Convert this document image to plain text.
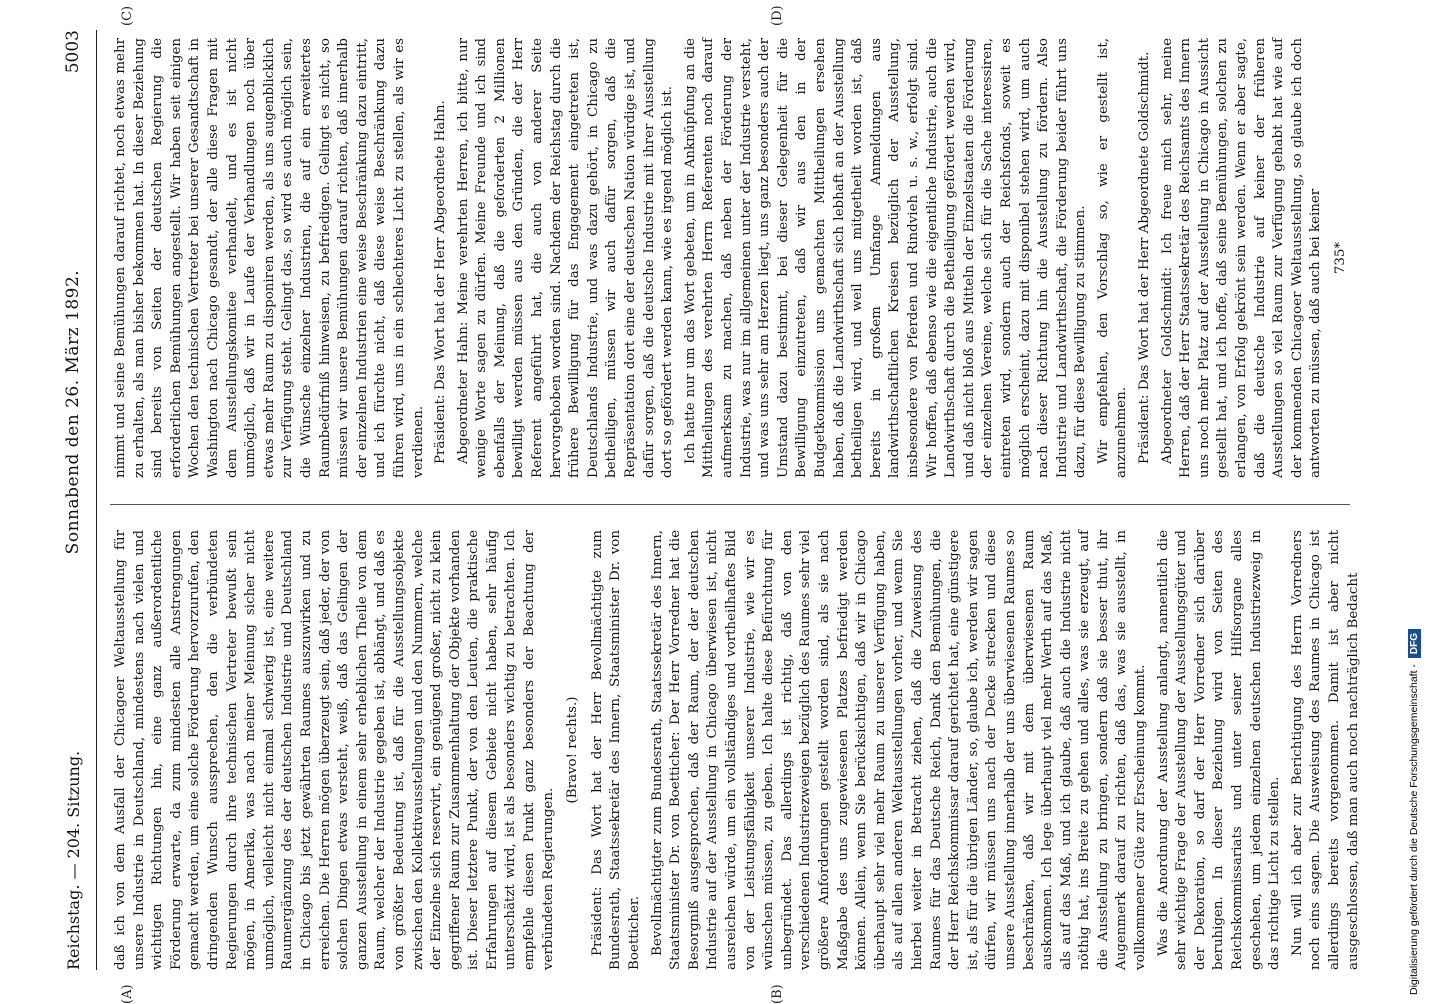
Reichstag. — 204. Sitzung.
Sonnabend den 26. März 1892.
5003
(A)	(B)
(C)	(D)

daß ich von dem Ausfall der Chicagoer Weltausstellung für unsere Industrie in Deutschland, mindestens nach vielen und wichtigen Richtungen hin, eine ganz außerordentliche Förderung erwarte, da zum mindesten alle Anstrengungen gemacht werden, um eine solche Förderung hervorzurufen, den dringenden Wunsch aussprechen, den die verbündeten Regierungen durch ihre technischen Vertreter bewußt sein mögen, in Amerika, was nach meiner Meinung sicher nicht unmöglich, vielleicht nicht einmal schwierig ist, eine weitere Raumergänzung des der deutschen Industrie und Deutschland in Chicago bis jetzt gewährten Raumes auszuwirken und zu erreichen. Die Herren mögen überzeugt sein, daß jeder, der von solchen Dingen etwas versteht, weiß, daß das Gelingen der ganzen Ausstellung in einem sehr erheblichen Theile von dem Raum, welcher der Industrie gegeben ist, abhängt, und daß es von größter Bedeutung ist, daß für die Ausstellungsobjekte zwischen den Kollektivausstellungen und den Nummern, welche der Einzelne sich reservirt, ein genügend großer, nicht zu klein gegriffener Raum zur Zusammenhaltung der Objekte vorhanden ist. Dieser letztere Punkt, der von den Leuten, die praktische Erfahrungen auf diesem Gebiete nicht haben, sehr häufig unterschätzt wird, ist als besonders wichtig zu betrachten. Ich empfehle diesen Punkt ganz besonders der Beachtung der verbündeten Regierungen.

(Bravo! rechts.) Präsident: Das Wort hat der Herr Bevollmächtigte zum Bundesrath, Staatssekretär des Innern, Staatsminister Dr. von Boetticher. Bevollmächtigter zum Bundesrath, Staatssekretär des Innern, Staatsminister Dr. von Boetticher: Der Herr Vorredner hat die Besorgniß ausgesprochen, daß der Raum, der der deutschen Industrie auf der Ausstellung in Chicago überwiesen ist, nicht ausreichen würde, um ein vollständiges und vortheilhaftes Bild von der Leistungsfähigkeit unserer Industrie, wie wir es wünschen müssen, zu geben. Ich halte diese Befürchtung für unbegründet. Das allerdings ist richtig, daß von den verschiedenen Industriezweigen bezüglich des Raumes sehr viel größere Anforderungen gestellt worden sind, als sie nach Maßgabe des uns zugewiesenen Platzes befriedigt werden können. Allein, wenn Sie berücksichtigen, daß wir in Chicago überhaupt sehr viel mehr Raum zu unserer Verfügung haben, als auf allen anderen Weltausstellungen vorher, und wenn Sie hierbei weiter in Betracht ziehen, daß die Zuweisung des Raumes für das Deutsche Reich, Dank den Bemühungen, die der Herr Reichskommissar darauf gerichtet hat, eine günstigere ist, als für die übrigen Länder, so, glaube ich, werden wir sagen dürfen, wir müssen uns nach der Decke strecken und diese unsere Ausstellung innerhalb der uns überwiesenen Raumes so beschränken, daß wir mit dem überwiesenen Raum auskommen. Ich lege überhaupt viel mehr Werth auf das Maß, als auf das Maß, und ich glaube, daß auch die Industrie nicht nöthig hat, ins Breite zu gehen und alles, was sie erzeugt, auf die Ausstellung zu bringen, sondern daß sie besser thut, ihr Augenmerk darauf zu richten, daß das, was sie ausstellt, in vollkommener Güte zur Erscheinung kommt. Was die Anordnung der Ausstellung anlangt, namentlich die sehr wichtige Frage der Ausstellung der Ausstellungsgüter und der Dekoration, so darf der Herr Vorredner sich darüber beruhigen. In dieser Beziehung wird von Seiten des Reichskommissariats und unter seiner Hilfsorgane alles geschehen, um jedem einzelnen deutschen Industriezweig in das richtige Licht zu stellen. Nun will ich aber zur Berichtigung des Herrn Vorredners noch eins sagen. Die Ausweisung des Raumes in Chicago ist allerdings bereits vorgenommen. Damit ist aber nicht ausgeschlossen, daß man auch noch nachträglich Bedacht

nimmt und seine Bemühungen darauf richtet, noch etwas mehr zu erhalten, als man bisher bekommen hat. In dieser Beziehung sind bereits von Seiten der deutschen Regierung die erforderlichen Bemühungen angestellt. Wir haben seit einigen Wochen den technischen Vertreter bei unserer Gesandtschaft in Washington nach Chicago gesandt, der alle diese Fragen mit dem Ausstellungskomitee verhandelt, und es ist nicht unmöglich, daß wir in Laufe der Verhandlungen noch über etwas mehr Raum zu disponiren werden, als uns augenblicklich zur Verfügung steht. Gelingt das, so wird es auch möglich sein, die Wünsche einzelner Industrien, die auf ein erweitertes Raumbedürfniß hinweisen, zu befriedigen. Gelingt es nicht, so müssen wir unsere Bemühungen darauf richten, daß innerhalb der einzelnen Industrien eine weise Beschränkung dazu eintritt, und ich fürchte nicht, daß diese weise Beschränkung dazu führen wird, uns in ein schlechteres Licht zu stellen, als wir es verdienen. Präsident: Das Wort hat der Herr Abgeordnete Hahn. Abgeordneter Hahn: Meine verehrten Herren, ich bitte, nur wenige Worte sagen zu dürfen. Meine Freunde und ich sind ebenfalls der Meinung, daß die geforderten 2 Millionen bewilligt werden müssen aus den Gründen, die der Herr Referent angeführt hat, die auch von anderer Seite hervorgehoben worden sind. Nachdem der Reichstag durch die frühere Bewilligung für das Engagement eingetreten ist, Deutschlands Industrie, und was dazu gehört, in Chicago zu betheiligen, müssen wir auch dafür sorgen, daß die Repräsentation dort eine der deutschen Nation würdige ist, und dafür sorgen, daß die deutsche Industrie mit ihrer Ausstellung dort so gefördert werden kann, wie es irgend möglich ist. Ich hatte nur um das Wort gebeten, um in Anknüpfung an die Mittheilungen des verehrten Herrn Referenten noch darauf aufmerksam zu machen, daß neben der Förderung der Industrie, was nur im allgemeinen unter der Industrie versteht, und was uns sehr am Herzen liegt, uns ganz besonders auch der Umstand dazu bestimmt, bei dieser Gelegenheit für die Bewilligung einzutreten, daß wir aus den in der Budgetkommission uns gemachten Mittheilungen ersehen haben, daß die Landwirthschaft sich lebhaft an der Ausstellung betheiligen wird, und weil uns mitgetheilt worden ist, daß bereits in großem Umfange Anmeldungen aus landwirthschaftlichen Kreisen bezüglich der Ausstellung, insbesondere von Pferden und Rindvieh u. s. w., erfolgt sind. Wir hoffen, daß ebenso wie die eigentliche Industrie, auch die Landwirthschaft durch die Betheiligung gefördert werden wird, und daß nicht bloß aus Mitteln der Einzelstaaten die Förderung der einzelnen Vereine, welche sich für die Sache interessiren, eintreten wird, sondern auch der Reichsfonds, soweit es möglich erscheint, dazu mit disponibel stehen wird, um auch nach dieser Richtung hin die Ausstellung zu fördern. Also Industrie und Landwirthschaft, die Förderung beider führt uns dazu, für diese Bewilligung zu stimmen. Wir empfehlen, den Vorschlag so, wie er gestellt ist, anzunehmen. Präsident: Das Wort hat der Herr Abgeordnete Goldschmidt. Abgeordneter Goldschmidt: Ich freue mich sehr, meine Herren, daß der Herr Staatssekretär des Reichsamts des Innern uns noch mehr Platz auf der Ausstellung in Chicago in Aussicht gestellt hat, und ich hoffe, daß seine Bemühungen, solchen zu erlangen, von Erfolg gekrönt sein werden. Wenn er aber sagte, daß die deutsche Industrie auf keiner der früheren Ausstellungen so viel Raum zur Verfügung gehabt hat wie auf der kommenden Chicagoer Weltausstellung, so glaube ich doch antworten zu müssen, daß auch bei keiner 735*

Digitalisierung gefördert durch die Deutsche Forschungsgemeinschaft -
DFG
